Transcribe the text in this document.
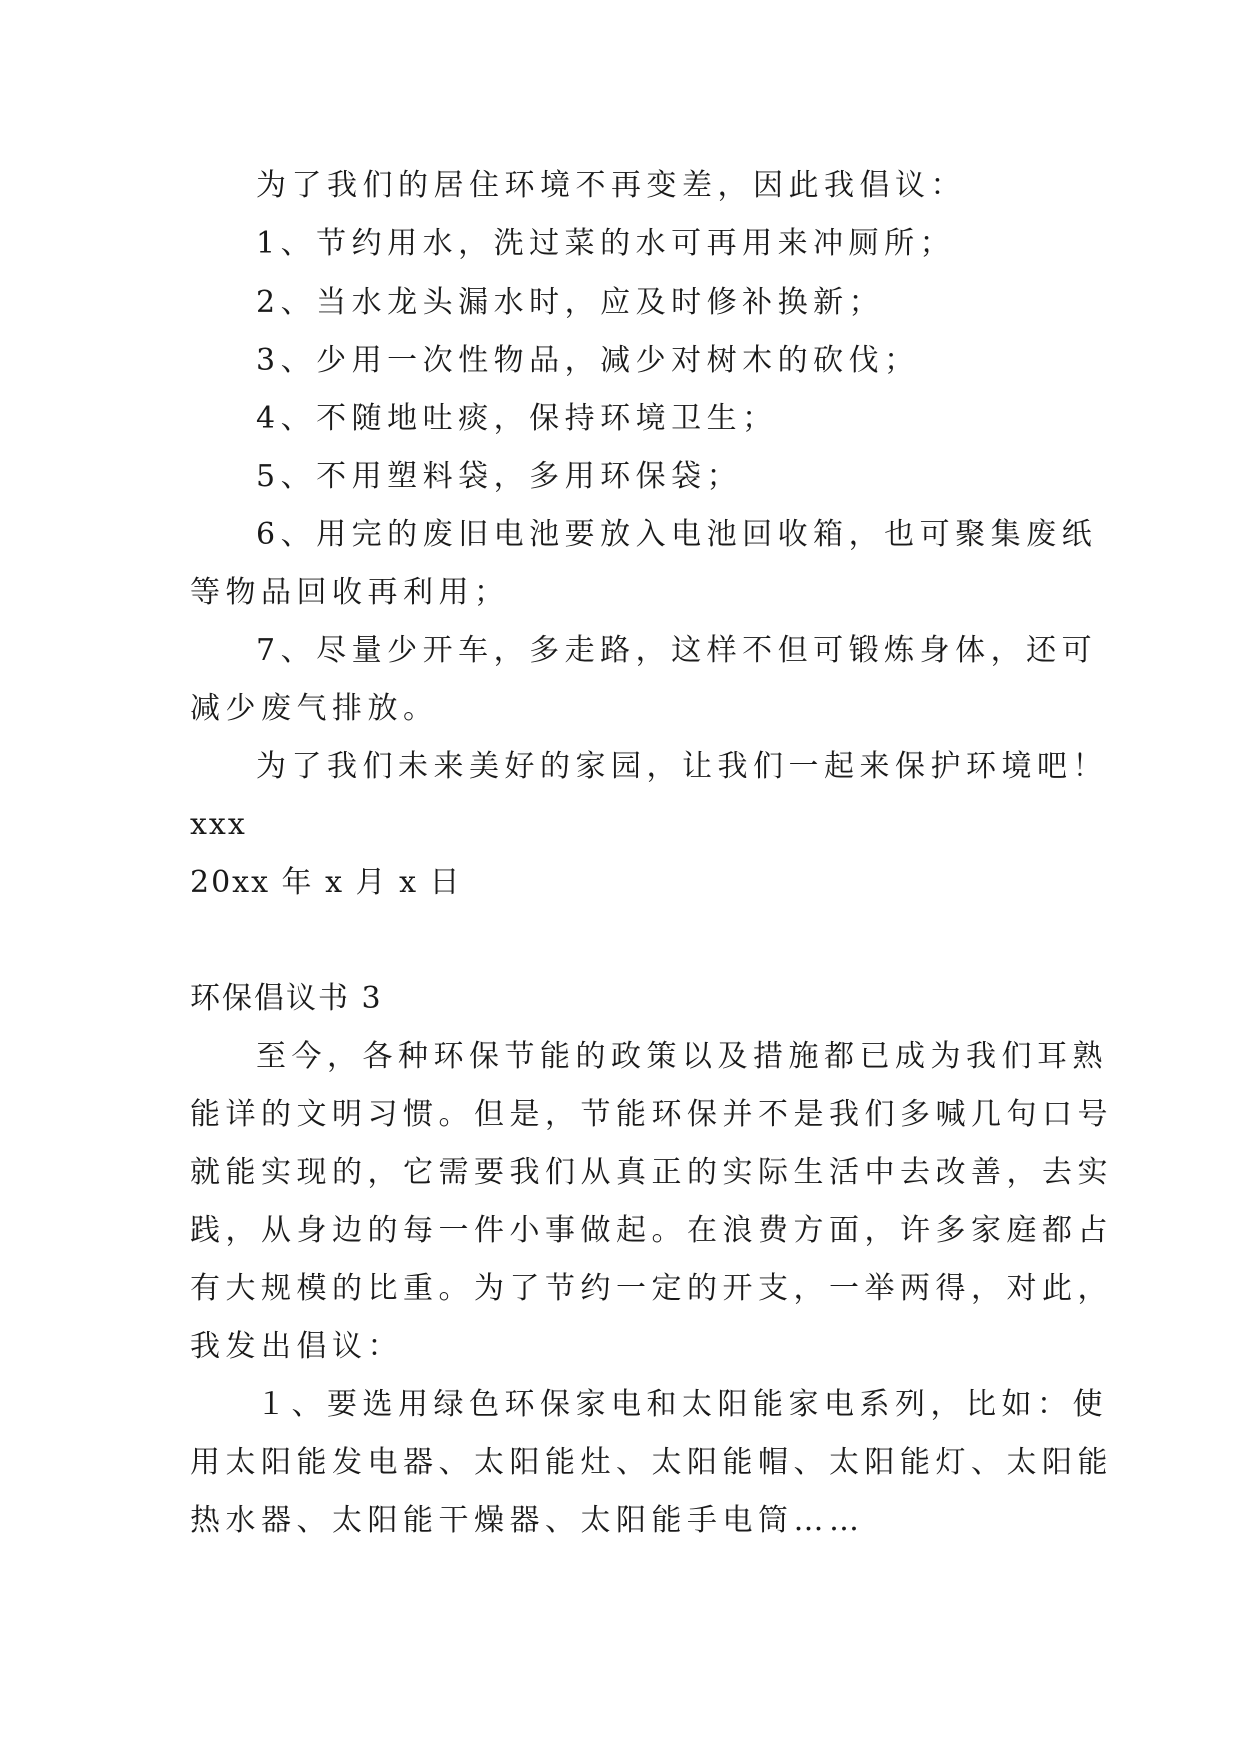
为了我们的居住环境不再变差，因此我倡议：
1、节约用水，洗过菜的水可再用来冲厕所；
2、当水龙头漏水时，应及时修补换新；
3、少用一次性物品，减少对树木的砍伐；
4、不随地吐痰，保持环境卫生；
5、不用塑料袋，多用环保袋；
6、用完的废旧电池要放入电池回收箱，也可聚集废纸
等物品回收再利用；
7、尽量少开车，多走路，这样不但可锻炼身体，还可
减少废气排放。
为了我们未来美好的家园，让我们一起来保护环境吧！
xxx
20xx 年 x 月 x 日
环保倡议书 3
至今，各种环保节能的政策以及措施都已成为我们耳熟
能详的文明习惯。但是，节能环保并不是我们多喊几句口号
就能实现的，它需要我们从真正的实际生活中去改善，去实
践，从身边的每一件小事做起。在浪费方面，许多家庭都占
有大规模的比重。为了节约一定的开支，一举两得，对此，
我发出倡议：
１、要选用绿色环保家电和太阳能家电系列，比如：使
用太阳能发电器、太阳能灶、太阳能帽、太阳能灯、太阳能
热水器、太阳能干燥器、太阳能手电筒……
